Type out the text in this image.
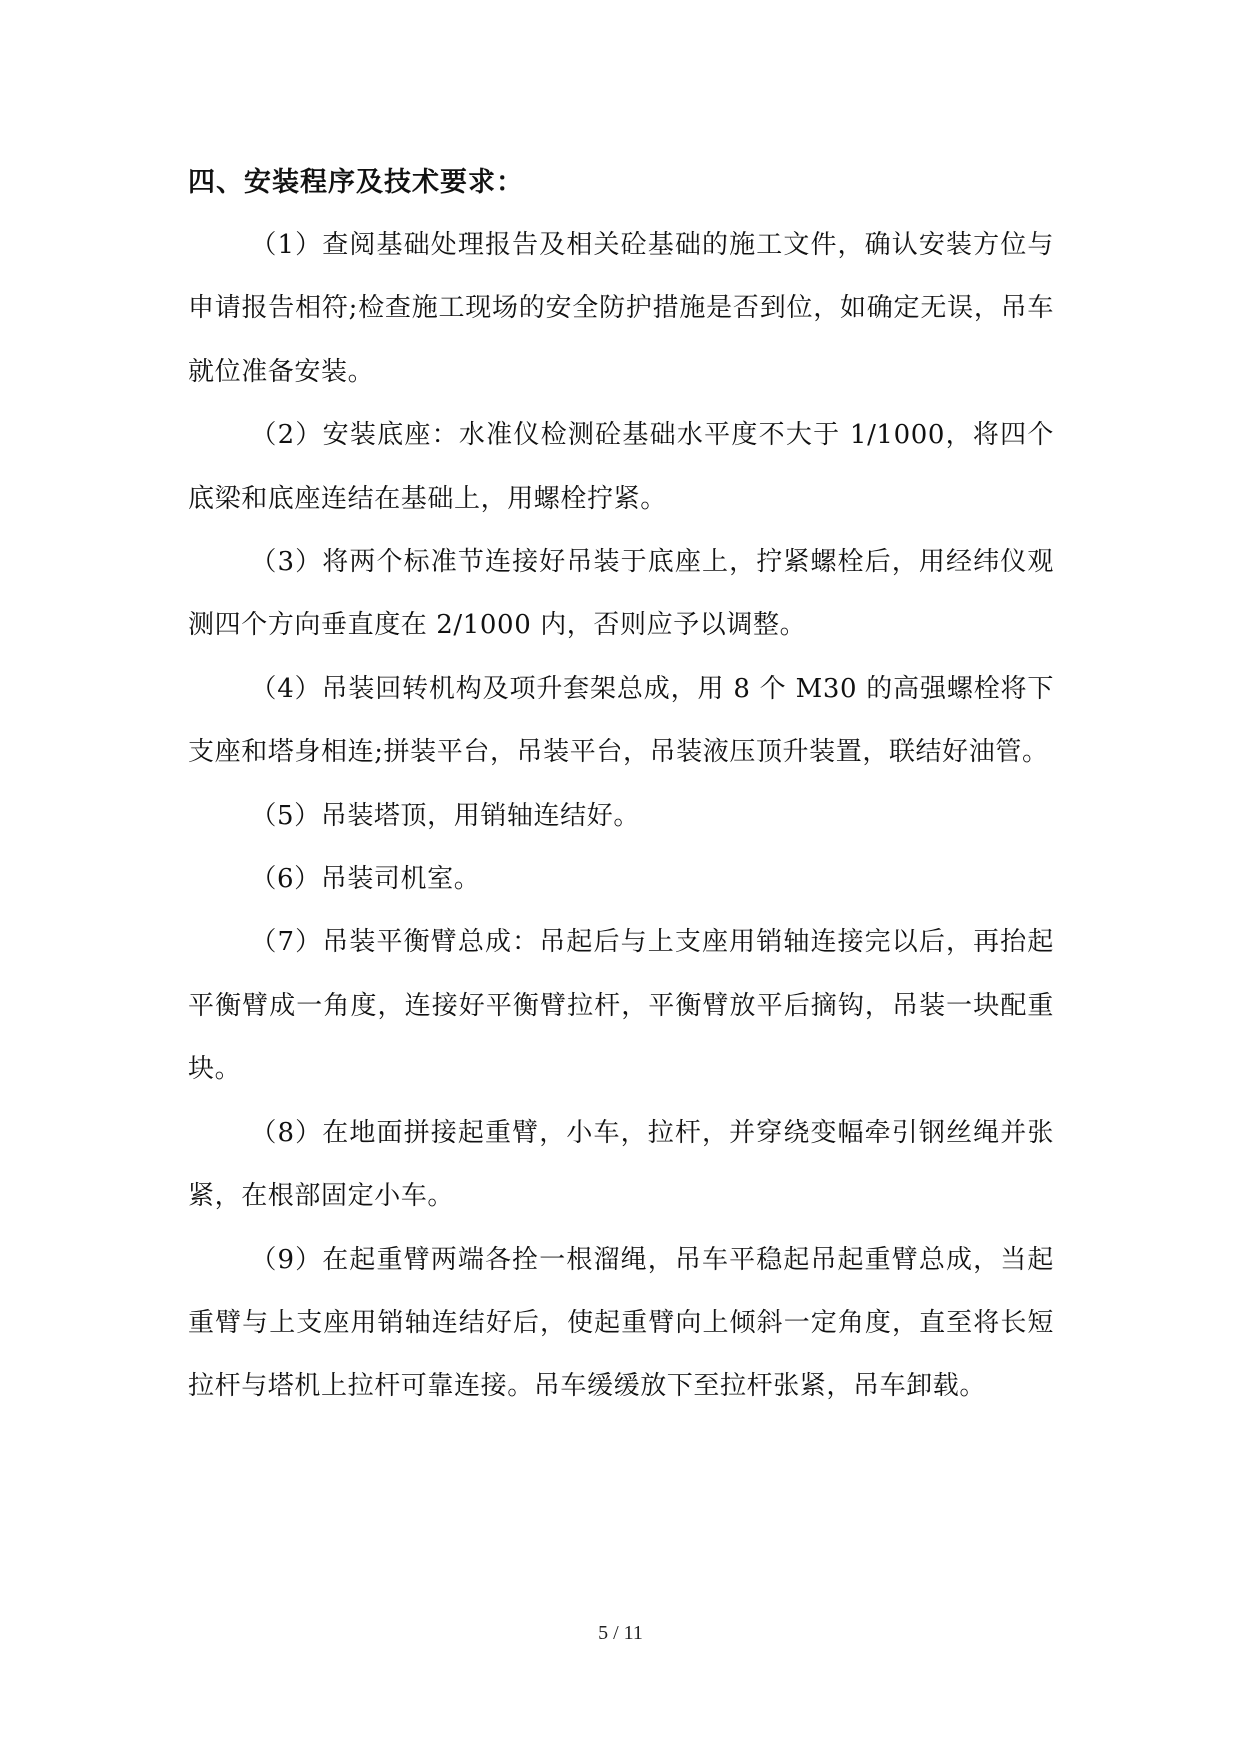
四、安装程序及技术要求：

（1）查阅基础处理报告及相关砼基础的施工文件，确认安装方位与申请报告相符;检查施工现场的安全防护措施是否到位，如确定无误，吊车就位准备安装。

（2）安装底座：水准仪检测砼基础水平度不大于 1/1000，将四个底梁和底座连结在基础上，用螺栓拧紧。

（3）将两个标准节连接好吊装于底座上，拧紧螺栓后，用经纬仪观测四个方向垂直度在 2/1000 内，否则应予以调整。

（4）吊装回转机构及项升套架总成，用 8 个 M30 的高强螺栓将下支座和塔身相连;拼装平台，吊装平台，吊装液压顶升装置，联结好油管。

（5）吊装塔顶，用销轴连结好。

（6）吊装司机室。

（7）吊装平衡臂总成：吊起后与上支座用销轴连接完以后，再抬起平衡臂成一角度，连接好平衡臂拉杆，平衡臂放平后摘钩，吊装一块配重块。

（8）在地面拼接起重臂，小车，拉杆，并穿绕变幅牵引钢丝绳并张紧，在根部固定小车。

（9）在起重臂两端各拴一根溜绳，吊车平稳起吊起重臂总成，当起重臂与上支座用销轴连结好后，使起重臂向上倾斜一定角度，直至将长短拉杆与塔机上拉杆可靠连接。吊车缓缓放下至拉杆张紧，吊车卸载。

5 / 11
